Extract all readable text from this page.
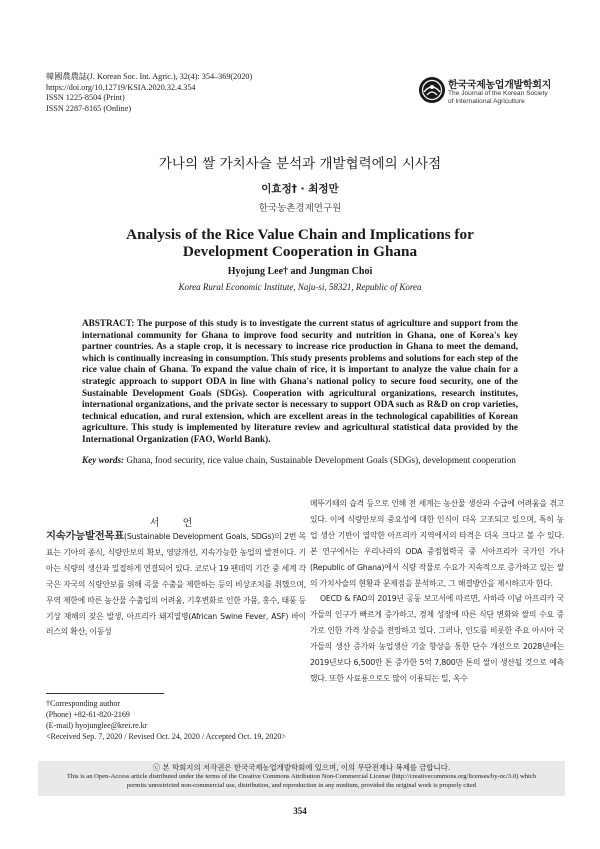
韓國農農誌(J. Korean Soc. Int. Agric.), 32(4): 354–369(2020)
https://doi.org/10.12719/KSIA.2020.32.4.354
ISSN 1225-8504 (Print)
ISSN 2287-8165 (Online)
한국국제농업개발학회지
The Journal of the Korean Society
of International Agriculture
가나의 쌀 가치사슬 분석과 개발협력에의 시사점
이효정† · 최정만
한국농촌경제연구원
Analysis of the Rice Value Chain and Implications for Development Cooperation in Ghana
Hyojung Lee† and Jungman Choi
Korea Rural Economic Institute, Naju-si, 58321, Republic of Korea
ABSTRACT: The purpose of this study is to investigate the current status of agriculture and support from the international community for Ghana to improve food security and nutrition in Ghana, one of Korea's key partner countries. As a staple crop, it is necessary to increase rice production in Ghana to meet the demand, which is continually increasing in consumption. This study presents problems and solutions for each step of the rice value chain of Ghana. To expand the value chain of rice, it is important to analyze the value chain for a strategic approach to support ODA in line with Ghana's national policy to secure food security, one of the Sustainable Development Goals (SDGs). Cooperation with agricultural organizations, research institutes, international organizations, and the private sector is necessary to support ODA such as R&D on crop varieties, technical education, and rural extension, which are excellent areas in the technological capabilities of Korean agriculture. This study is implemented by literature review and agricultural statistical data provided by the International Organization (FAO, World Bank).
Key words: Ghana, food security, rice value chain, Sustainable Development Goals (SDGs), development cooperation
서 언
지속가능발전목표(Sustainable Development Goals, SDGs)의 2번 목표는 기아의 종식, 식량안보의 확보, 영양개선, 지속가능한 농업의 발전이다. 기아는 식량의 생산과 밀접하게 연결되어 있다. 코로나 19 팬데믹 기간 중 세계 각 국은 자국의 식량안보를 위해 곡물 수출을 제한하는 등의 비상조치를 취했으며, 무역 제한에 따른 농산물 수출입의 어려움, 기후변화로 인한 가뭄, 홍수, 태풍 등 기상 재해의 잦은 발생, 아프리카 돼지열병(African Swine Fever, ASF) 바이러스의 확산, 이동성
메뚜기떼의 습격 등으로 인해 전 세계는 농산물 생산과 수급에 어려움을 겪고 있다. 이에 식량안보의 중요성에 대한 인식이 더욱 고조되고 있으며, 특히 농업 생산 기반이 열악한 아프리카 지역에서의 타격은 더욱 크다고 볼 수 있다. 본 연구에서는 우리나라의 ODA 중점협력국 중 서아프리카 국가인 가나(Republic of Ghana)에서 식량 작물로 수요가 지속적으로 증가하고 있는 쌀의 가치사슬의 현황과 문제점을 분석하고, 그 해결방안을 제시하고자 한다.
OECD & FAO의 2019년 공동 보고서에 따르면, 사하라 이남 아프리카 국가들의 인구가 빠르게 증가하고, 경제 성장에 따른 식단 변화와 쌀의 수요 증가로 인한 가격 상승을 전망하고 있다. 그러나, 인도를 비롯한 주요 아시아 국가들의 생산 증가와 농업생산 기술 향상을 통한 단수 개선으로 2028년에는 2019년보다 6,500만 톤 증가한 5억 7,800만 톤의 쌀이 생산될 것으로 예측했다. 또한 사료용으로도 많이 이용되는 밀, 옥수
†Corresponding author
(Phone) +82-61-820-2169
(E-mail) hyojunglee@krei.re.kr
<Received Sep. 7, 2020 / Revised Oct. 24, 2020 / Accepted Oct. 19, 2020>
ⓒ 본 학회지의 저작권은 한국국제농업개발학회에 있으며, 이의 무단전재나 복제를 금합니다.
This is an Open-Access article distributed under the terms of the Creative Commons Attribution Non-Commercial License (http://creativecommons.org/licenses/by-nc/3.0) which
permits unrestricted non-commercial use, distribution, and reproduction in any medium, provided the original work is properly cited
354
